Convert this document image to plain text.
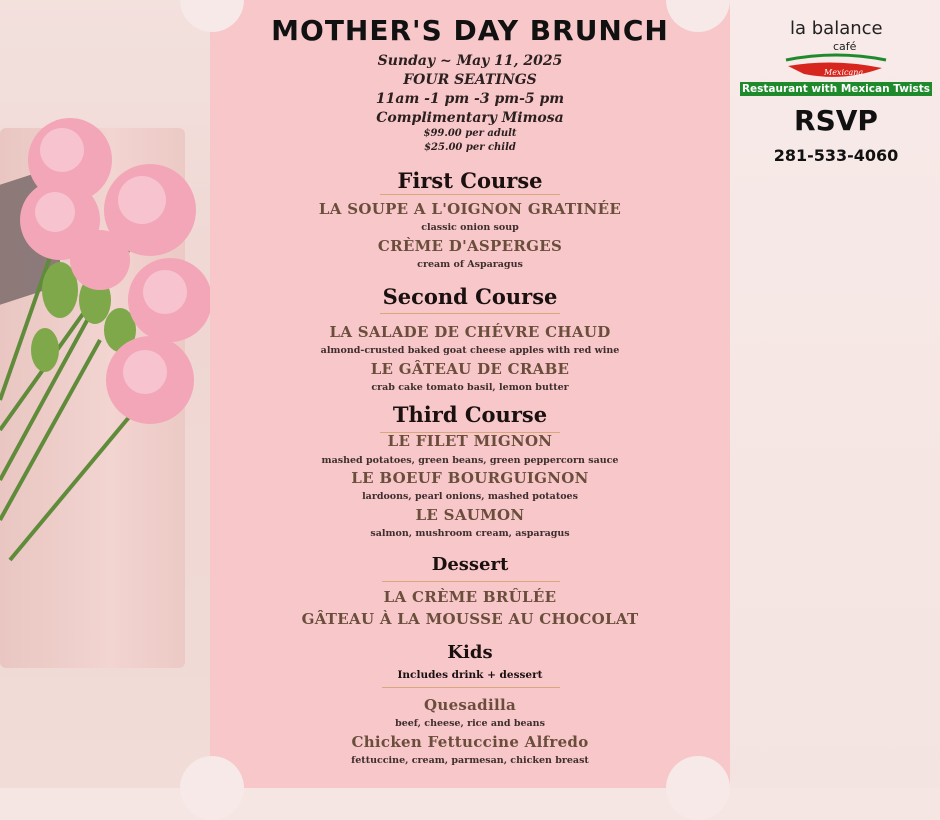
MOTHER'S DAY BRUNCH
Sunday ~ May 11, 2025
FOUR SEATINGS
11am -1 pm -3 pm-5 pm
Complimentary Mimosa
$99.00 per adult
$25.00 per child
First Course
LA SOUPE A L'OIGNON GRATINÉE
classic onion soup
CRÈME D'ASPERGES
cream of Asparagus
Second Course
LA SALADE DE CHÉVRE CHAUD
almond-crusted baked goat cheese apples with red wine
LE GÂTEAU DE CRABE
crab cake tomato basil, lemon butter
Third Course
LE FILET MIGNON
mashed potatoes, green beans, green peppercorn sauce
LE BOEUF BOURGUIGNON
lardoons, pearl onions, mashed potatoes
LE SAUMON
salmon, mushroom cream, asparagus
Dessert
LA CRÈME BRÛLÉE
GÂTEAU À LA MOUSSE AU CHOCOLAT
Kids
Includes drink + dessert
Quesadilla
beef, cheese, rice and beans
Chicken Fettuccine Alfredo
fettuccine, cream, parmesan, chicken breast
la balance
café
Mexicana
Restaurant with Mexican Twists
RSVP
281-533-4060
